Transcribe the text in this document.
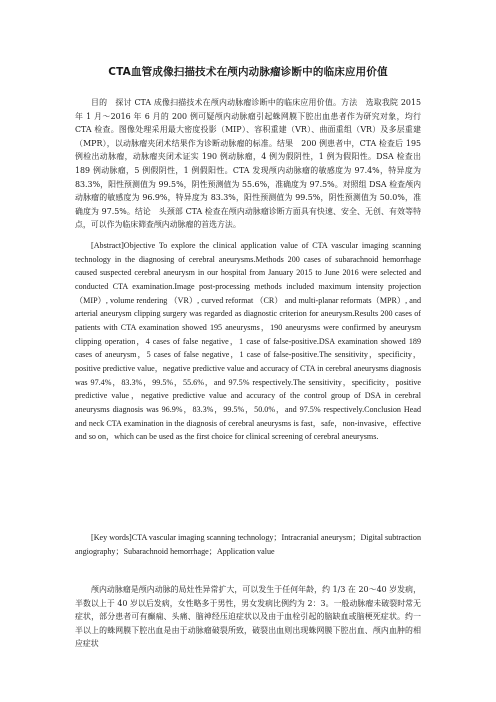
CTA血管成像扫描技术在颅内动脉瘤诊断中的临床应用价值

目的　探讨 CTA 成像扫描技术在颅内动脉瘤诊断中的临床应用价值。方法　选取我院 2015 年 1 月～2016 年 6 月的 200 例可疑颅内动脉瘤引起蛛网膜下腔出血患者作为研究对象，均行 CTA 检查。图像处理采用最大密度投影（MIP）、容积重建（VR）、曲面重组（VR）及多层重建（MPR），以动脉瘤夹闭术结果作为诊断动脉瘤的标准。结果　200 例患者中，CTA 检查后 195 例检出动脉瘤，动脉瘤夹闭术证实 190 例动脉瘤，4 例为假阴性，1 例为假阳性。DSA 检查出 189 例动脉瘤，5 例假阴性，1 例假阳性。CTA 发现颅内动脉瘤的敏感度为 97.4%，特异度为 83.3%，阳性预测值为 99.5%，阴性预测值为 55.6%，准确度为 97.5%。对照组 DSA 检查颅内动脉瘤的敏感度为 96.9%，特异度为 83.3%，阳性预测值为 99.5%，阴性预测值为 50.0%，准确度为 97.5%。结论　头颈部 CTA 检查在颅内动脉瘤诊断方面具有快速、安全、无创、有效等特点，可以作为临床筛查颅内动脉瘤的首选方法。

[Abstract]Objective To explore the clinical application value of CTA vascular imaging scanning technology in the diagnosing of cerebral aneurysms.Methods 200 cases of subarachnoid hemorrhage caused suspected cerebral aneurysm in our hospital from January 2015 to June 2016 were selected and conducted CTA examination.Image post-processing methods included maximum intensity projection（MIP）, volume rendering （VR）, curved reformat （CR） and multi-planar reformats（MPR）, and arterial aneurysm clipping surgery was regarded as diagnostic criterion for aneurysm.Results 200 cases of patients with CTA examination showed 195 aneurysms，190 aneurysms were confirmed by aneurysm clipping operation，4 cases of false negative，1 case of false-positive.DSA examination showed 189 cases of aneurysm，5 cases of false negative，1 case of false-positive.The sensitivity，specificity，positive predictive value，negative predictive value and accuracy of CTA in cerebral aneurysms diagnosis was 97.4%，83.3%，99.5%，55.6%，and 97.5% respectively.The sensitivity，specificity，positive predictive value，negative predictive value and accuracy of the control group of DSA in cerebral aneurysms diagnosis was 96.9%，83.3%，99.5%，50.0%，and 97.5% respectively.Conclusion Head and neck CTA examination in the diagnosis of cerebral aneurysms is fast，safe，non-invasive，effective and so on，which can be used as the first choice for clinical screening of cerebral aneurysms.

[Key words]CTA vascular imaging scanning technology；Intracranial aneurysm；Digital subtraction angiography；Subarachnoid hemorrhage；Application value

颅内动脉瘤是颅内动脉的局灶性异常扩大，可以发生于任何年龄，约 1/3 在 20～40 岁发病，半数以上于 40 岁以后发病，女性略多于男性，男女发病比例约为 2：3。一般动脉瘤未破裂时常无症状，部分患者可有癫痫、头痛、脑神经压迫症状以及由于血栓引起的脑缺血或脑梗死症状。约一半以上的蛛网膜下腔出血是由于动脉瘤破裂所致，破裂出血则出现蛛网膜下腔出血、颅内血肿的相应症状
